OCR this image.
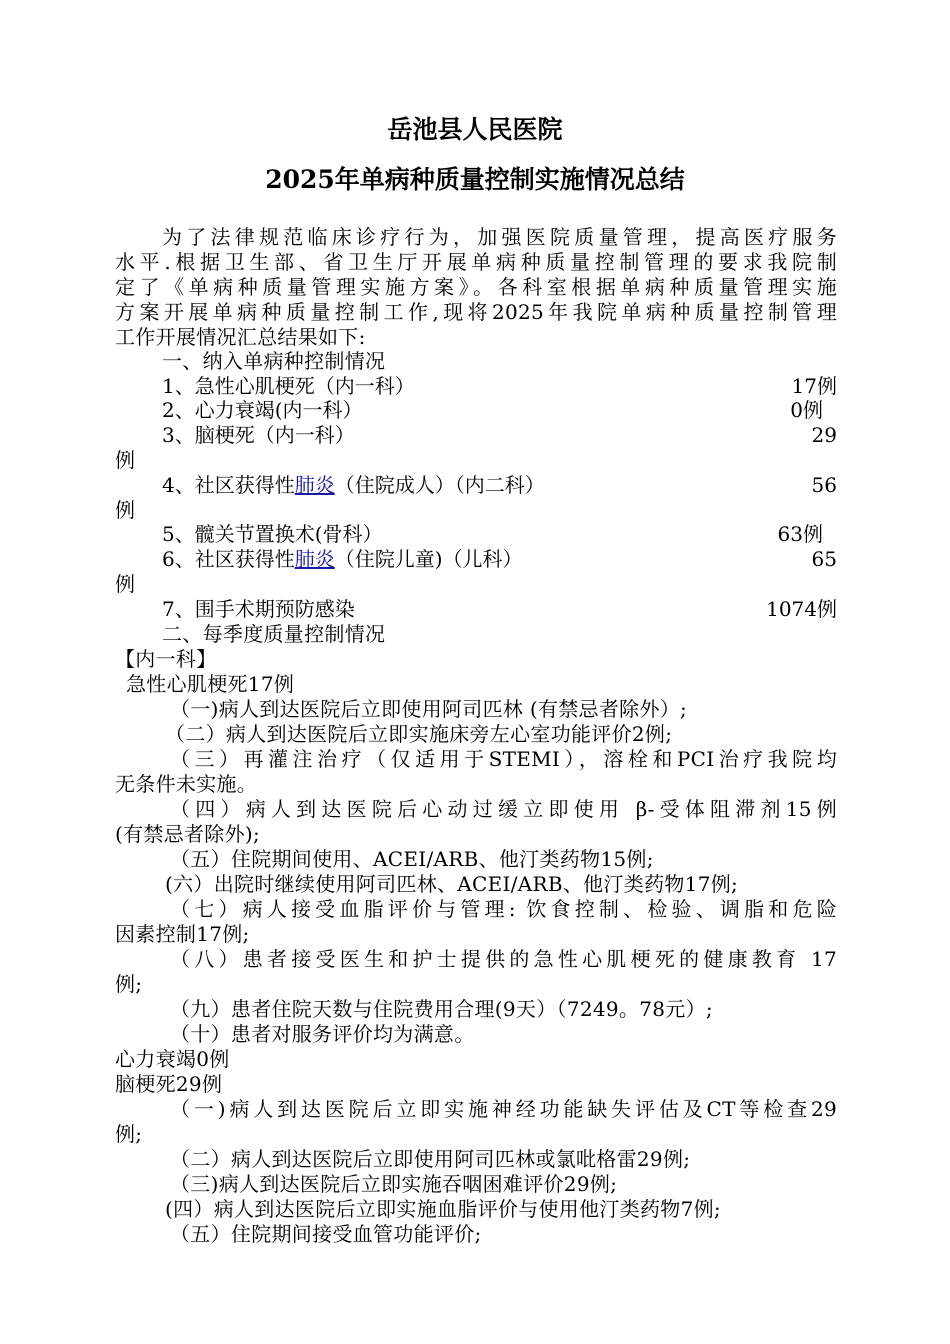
岳池县人民医院
2025年单病种质量控制实施情况总结
为了法律规范临床诊疗行为，加强医院质量管理，提高医疗服务
水平.根据卫生部、省卫生厅开展单病种质量控制管理的要求我院制
定了《单病种质量管理实施方案》。各科室根据单病种质量管理实施
方案开展单病种质量控制工作,现将2025年我院单病种质量控制管理
工作开展情况汇总结果如下:
一、纳入单病种控制情况
1、急性心肌梗死（内一科）	17例
2、心力衰竭(内一科）	0例
3、脑梗死（内一科）	29
例
4、社区获得性肺炎（住院成人）（内二科）	56
例
5、髋关节置换术(骨科）	63例
6、社区获得性肺炎（住院儿童)（儿科）	65
例
7、围手术期预防感染	1074例
二、每季度质量控制情况
【内一科】
急性心肌梗死17例
（一)病人到达医院后立即使用阿司匹林 (有禁忌者除外）;
（二）病人到达医院后立即实施床旁左心室功能评价2例;
（三）再灌注治疗（仅适用于STEMI），溶栓和PCI治疗我院均
无条件未实施。
（四）病人到达医院后心动过缓立即使用 β-受体阻滞剂15例
(有禁忌者除外);
（五）住院期间使用、ACEI/ARB、他汀类药物15例;
(六）出院时继续使用阿司匹林、ACEI/ARB、他汀类药物17例;
（七）病人接受血脂评价与管理: 饮食控制、检验、调脂和危险
因素控制17例;
（八）患者接受医生和护士提供的急性心肌梗死的健康教育 17
例;
（九）患者住院天数与住院费用合理(9天）（7249。78元）;
（十）患者对服务评价均为满意。
心力衰竭0例
脑梗死29例
（一)病人到达医院后立即实施神经功能缺失评估及CT等检查29
例;
（二）病人到达医院后立即使用阿司匹林或氯吡格雷29例;
（三)病人到达医院后立即实施吞咽困难评价29例;
(四）病人到达医院后立即实施血脂评价与使用他汀类药物7例;
（五）住院期间接受血管功能评价;
